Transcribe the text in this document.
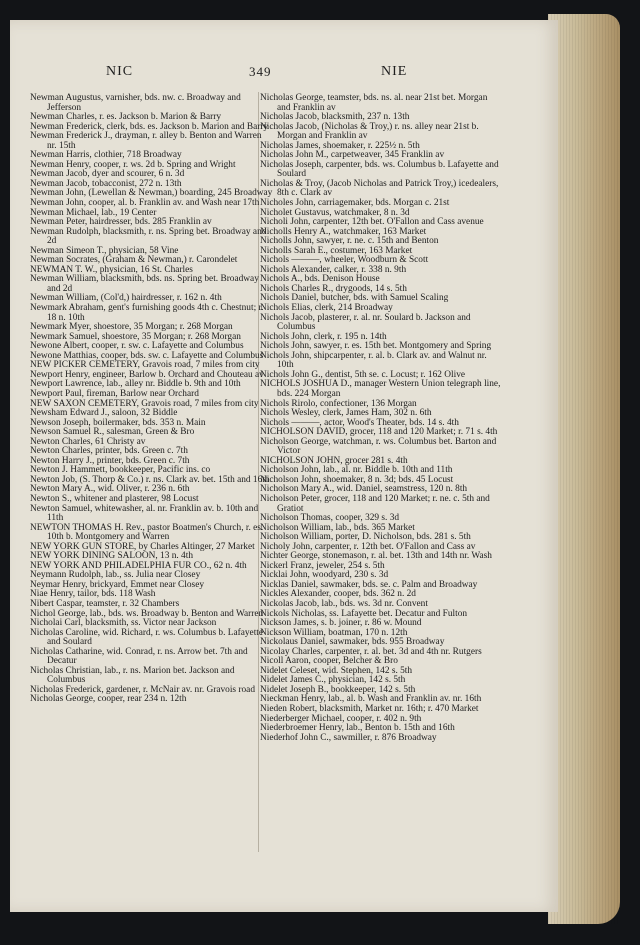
NIC	349	NIE
Newman Augustus, varnisher, bds. nw. c. Broadway and Jefferson
Newman Charles, r. es. Jackson b. Marion & Barry
Newman Frederick, clerk, bds. es. Jackson b. Marion and Barry
Newman Frederick J., drayman, r. alley b. Benton and Warren nr. 15th
Newman Harris, clothier, 718 Broadway
Newman Henry, cooper, r. ws. 2d b. Spring and Wright
Newman Jacob, dyer and scourer, 6 n. 3d
Newman Jacob, tobacconist, 272 n. 13th
Newman John, (Lewellan & Newman,) boarding, 245 Broadway
Newman John, cooper, al. b. Franklin av. and Wash near 17th
Newman Michael, lab., 19 Center
Newman Peter, hairdresser, bds. 285 Franklin av
Newman Rudolph, blacksmith, r. ns. Spring bet. Broadway and 2d
Newman Simeon T., physician, 58 Vine
Newman Socrates, (Graham & Newman,) r. Carondelet
NEWMAN T. W., physician, 16 St. Charles
Newman William, blacksmith, bds. ns. Spring bet. Broadway and 2d
Newman William, (Col'd,) hairdresser, r. 162 n. 4th
Newmark Abraham, gent's furnishing goods 4th c. Chestnut; r. 18 n. 10th
Newmark Myer, shoestore, 35 Morgan; r. 268 Morgan
Newmark Samuel, shoestore, 35 Morgan; r. 268 Morgan
Newone Albert, cooper, r. sw. c. Lafayette and Columbus
Newone Matthias, cooper, bds. sw. c. Lafayette and Columbus
NEW PICKER CEMETERY, Gravois road, 7 miles from city
Newport Henry, engineer, Barlow b. Orchard and Chouteau av
Newport Lawrence, lab., alley nr. Biddle b. 9th and 10th
Newport Paul, fireman, Barlow near Orchard
NEW SAXON CEMETERY, Gravois road, 7 miles from city
Newsham Edward J., saloon, 32 Biddle
Newson Joseph, boilermaker, bds. 353 n. Main
Newson Samuel R., salesman, Green & Bro
Newton Charles, 61 Christy av
Newton Charles, printer, bds. Green c. 7th
Newton Harry J., printer, bds. Green c. 7th
Newton J. Hammett, bookkeeper, Pacific ins. co
Newton Job, (S. Thorp & Co.) r. ns. Clark av. bet. 15th and 16th
Newton Mary A., wid. Oliver, r. 236 n. 6th
Newton S., whitener and plasterer, 98 Locust
Newton Samuel, whitewasher, al. nr. Franklin av. b. 10th and 11th
NEWTON THOMAS H. Rev., pastor Boatmen's Church, r. es. 10th b. Montgomery and Warren
NEW YORK GUN STORE, by Charles Altinger, 27 Market
NEW YORK DINING SALOON, 13 n. 4th
NEW YORK AND PHILADELPHIA FUR CO., 62 n. 4th
Neymann Rudolph, lab., ss. Julia near Closey
Neymar Henry, brickyard, Emmet near Closey
Niae Henry, tailor, bds. 118 Wash
Nibert Caspar, teamster, r. 32 Chambers
Nichol George, lab., bds. ws. Broadway b. Benton and Warren
Nicholai Carl, blacksmith, ss. Victor near Jackson
Nicholas Caroline, wid. Richard, r. ws. Columbus b. Lafayette and Soulard
Nicholas Catharine, wid. Conrad, r. ns. Arrow bet. 7th and Decatur
Nicholas Christian, lab., r. ns. Marion bet. Jackson and Columbus
Nicholas Frederick, gardener, r. McNair av. nr. Gravois road
Nicholas George, cooper, rear 234 n. 12th
Nicholas George, teamster, bds. ns. al. near 21st bet. Morgan and Franklin av
Nicholas Jacob, blacksmith, 237 n. 13th
Nicholas Jacob, (Nicholas & Troy,) r. ns. alley near 21st b. Morgan and Franklin av
Nicholas James, shoemaker, r. 225½ n. 5th
Nicholas John M., carpetweaver, 345 Franklin av
Nicholas Joseph, carpenter, bds. ws. Columbus b. Lafayette and Soulard
Nicholas & Troy, (Jacob Nicholas and Patrick Troy,) icedealers, 8th c. Clark av
Nicholes John, carriagemaker, bds. Morgan c. 21st
Nicholet Gustavus, watchmaker, 8 n. 3d
Nicholi John, carpenter, 12th bet. O'Fallon and Cass avenue
Nicholls Henry A., watchmaker, 163 Market
Nicholls John, sawyer, r. ne. c. 15th and Benton
Nicholls Sarah E., costumer, 163 Market
Nichols ———, wheeler, Woodburn & Scott
Nichols Alexander, calker, r. 338 n. 9th
Nichols A., bds. Denison House
Nichols Charles R., drygoods, 14 s. 5th
Nichols Daniel, butcher, bds. with Samuel Scaling
Nichols Elias, clerk, 214 Broadway
Nichols Jacob, plasterer, r. al. nr. Soulard b. Jackson and Columbus
Nichols John, clerk, r. 195 n. 14th
Nichols John, sawyer, r. es. 15th bet. Montgomery and Spring
Nichols John, shipcarpenter, r. al. b. Clark av. and Walnut nr. 10th
Nichols John G., dentist, 5th se. c. Locust; r. 162 Olive
NICHOLS JOSHUA D., manager Western Union telegraph line, bds. 224 Morgan
Nichols Rirolo, confectioner, 136 Morgan
Nichols Wesley, clerk, James Ham, 302 n. 6th
Nichols ———, actor, Wood's Theater, bds. 14 s. 4th
NICHOLSON DAVID, grocer, 118 and 120 Market; r. 71 s. 4th
Nicholson George, watchman, r. ws. Columbus bet. Barton and Victor
NICHOLSON JOHN, grocer 281 s. 4th
Nicholson John, lab., al. nr. Biddle b. 10th and 11th
Nicholson John, shoemaker, 8 n. 3d; bds. 45 Locust
Nicholson Mary A., wid. Daniel, seamstress, 120 n. 8th
Nicholson Peter, grocer, 118 and 120 Market; r. ne. c. 5th and Gratiot
Nicholson Thomas, cooper, 329 s. 3d
Nicholson William, lab., bds. 365 Market
Nicholson William, porter, D. Nicholson, bds. 281 s. 5th
Nicholy John, carpenter, r. 12th bet. O'Fallon and Cass av
Nichter George, stonemason, r. al. bet. 13th and 14th nr. Wash
Nickerl Franz, jeweler, 254 s. 5th
Nicklai John, woodyard, 230 s. 3d
Nicklas Daniel, sawmaker, bds. se. c. Palm and Broadway
Nickles Alexander, cooper, bds. 362 n. 2d
Nickolas Jacob, lab., bds. ws. 3d nr. Convent
Nickols Nicholas, ss. Lafayette bet. Decatur and Fulton
Nickson James, s. b. joiner, r. 86 w. Mound
Nickson William, boatman, 170 n. 12th
Nickolaus Daniel, sawmaker, bds. 955 Broadway
Nicolay Charles, carpenter, r. al. bet. 3d and 4th nr. Rutgers
Nicoll Aaron, cooper, Belcher & Bro
Nidelet Celeset, wid. Stephen, 142 s. 5th
Nidelet James C., physician, 142 s. 5th
Nidelet Joseph B., bookkeeper, 142 s. 5th
Nieckman Henry, lab., al. b. Wash and Franklin av. nr. 16th
Nieden Robert, blacksmith, Market nr. 16th; r. 470 Market
Niederberger Michael, cooper, r. 402 n. 9th
Niederbroemer Henry, lab., Benton b. 15th and 16th
Niederhof John C., sawmiller, r. 876 Broadway
